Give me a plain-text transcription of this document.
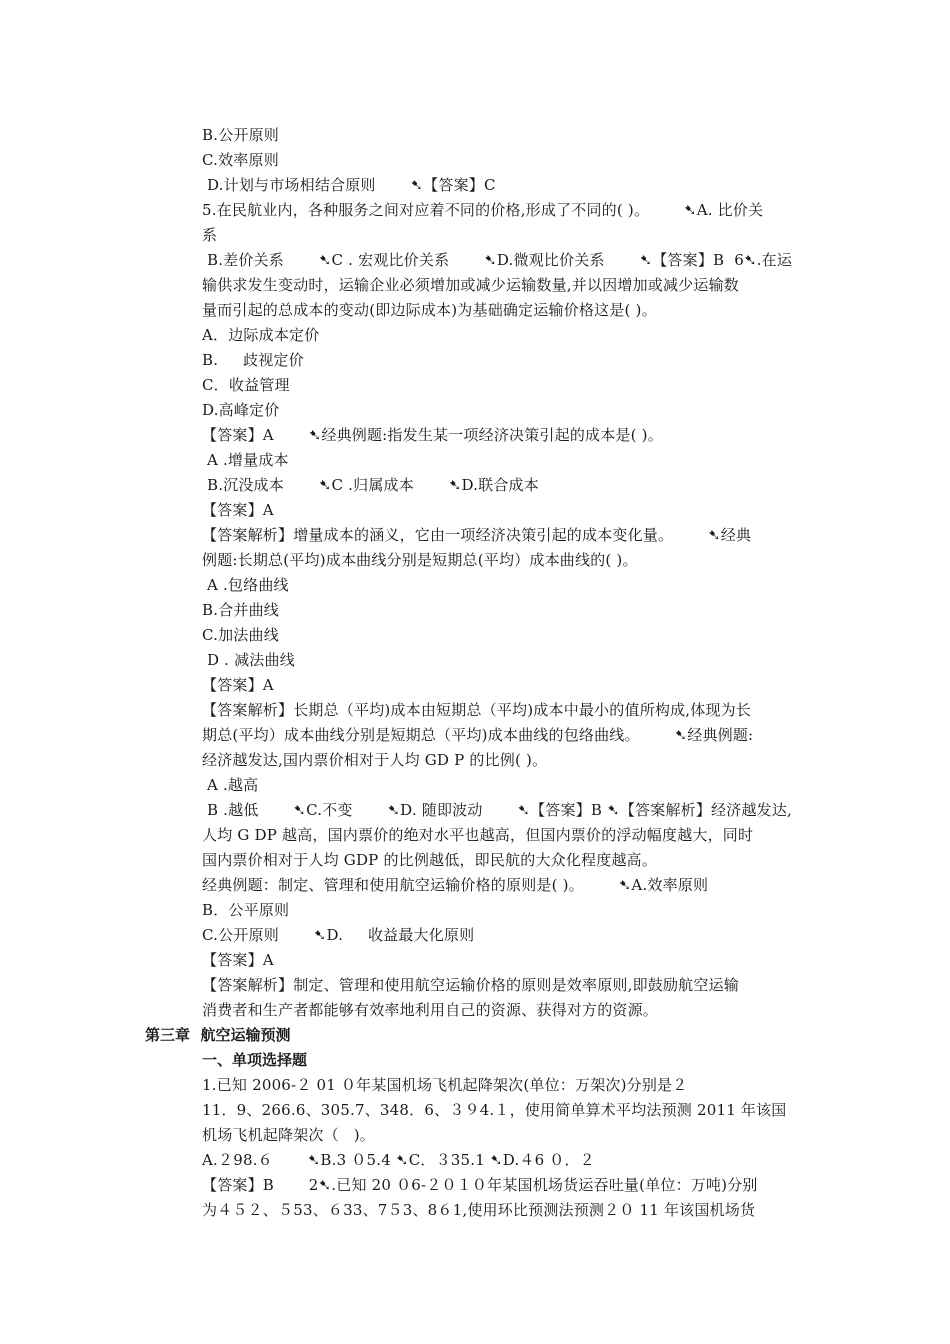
B.公开原则
C.效率原则
D.计划与市场相结合原则       ➷【答案】C
5.在民航业内，各种服务之间对应着不同的价格,形成了不同的( )。       ➷A. 比价关
系
B.差价关系       ➷C . 宏观比价关系       ➷D.微观比价关系       ➷【答案】B  6➷.在运
输供求发生变动时，运输企业必须增加或减少运输数量,并以因增加或减少运输数
量而引起的总成本的变动(即边际成本)为基础确定运输价格这是( )。
A．边际成本定价
B.     歧视定价
C．收益管理
D.高峰定价
【答案】A       ➷经典例题:指发生某一项经济决策引起的成本是( )。
A .增量成本
B.沉没成本       ➷C .归属成本       ➷D.联合成本
【答案】A
【答案解析】增量成本的涵义，它由一项经济决策引起的成本变化量。       ➷经典
例题:长期总(平均)成本曲线分别是短期总(平均）成本曲线的( )。
A .包络曲线
B.合并曲线
C.加法曲线
D . 减法曲线
【答案】A
【答案解析】长期总（平均)成本由短期总（平均)成本中最小的值所构成,体现为长
期总(平均）成本曲线分别是短期总（平均)成本曲线的包络曲线。       ➷经典例题:
经济越发达,国内票价相对于人均 GD P 的比例( )。
A .越高
B .越低       ➷C.不变       ➷D. 随即波动       ➷【答案】B ➷【答案解析】经济越发达,
人均 G DP 越高，国内票价的绝对水平也越高，但国内票价的浮动幅度越大，同时
国内票价相对于人均 GDP 的比例越低，即民航的大众化程度越高。
经典例题：制定、管理和使用航空运输价格的原则是( )。       ➷A.效率原则
B．公平原则
C.公开原则       ➷D.     收益最大化原则
【答案】A
【答案解析】制定、管理和使用航空运输价格的原则是效率原则,即鼓励航空运输
消费者和生产者都能够有效率地利用自己的资源、获得对方的资源。
第三章  航空运输预测
一、单项选择题
1.已知 2006-２ 01 ０年某国机场飞机起降架次(单位：万架次)分别是２
11．9、266.6、305.7、348．6、３９4.１，使用简单算术平均法预测 2011 年该国
机场飞机起降架次（   )。
A.２98.６       ➷B.3 ０5.4 ➷C．３35.1 ➷D.４6 ０．２
【答案】B       2➷.已知 20 ０6-２０１０年某国机场货运吞吐量(单位：万吨)分别
为４５２、５53、６33、7５3、8６1,使用环比预测法预测２０ 11 年该国机场货
